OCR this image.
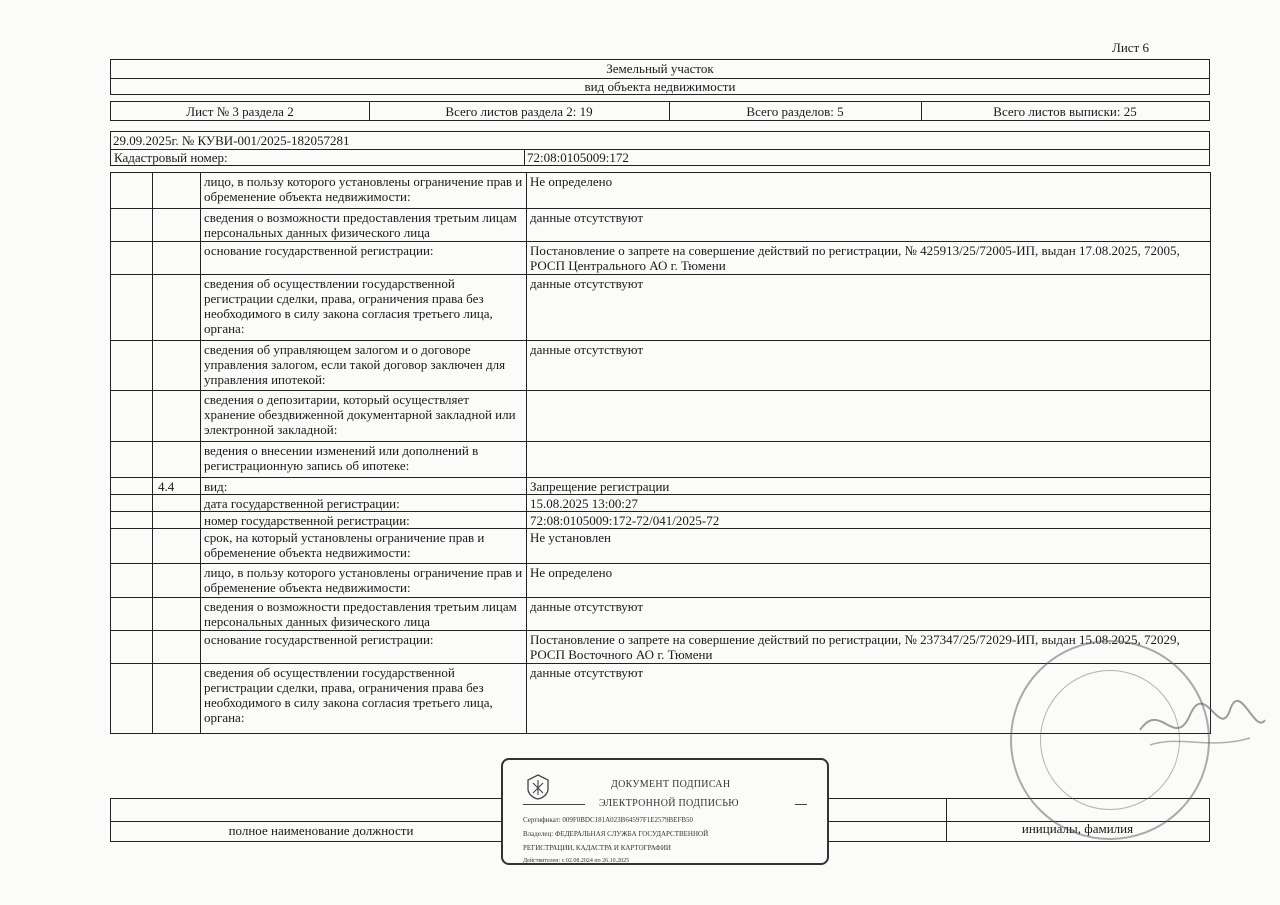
Лист 6
Земельный участок
вид объекта недвижимости
Лист № 3 раздела 2	Всего листов раздела 2: 19	Всего разделов: 5	Всего листов выписки: 25
29.09.2025г. № КУВИ-001/2025-182057281
Кадастровый номер:	72:08:0105009:172
		лицо, в пользу которого установлены ограничение прав и обременение объекта недвижимости:	Не определено
		сведения о возможности предоставления третьим лицам персональных данных физического лица	данные отсутствуют
		основание государственной регистрации:	Постановление о запрете на совершение действий по регистрации, № 425913/25/72005-ИП, выдан 17.08.2025, 72005, РОСП Центрального АО г. Тюмени
		сведения об осуществлении государственной регистрации сделки, права, ограничения права без необходимого в силу закона согласия третьего лица, органа:	данные отсутствуют
		сведения об управляющем залогом и о договоре управления залогом, если такой договор заключен для управления ипотекой:	данные отсутствуют
		сведения о депозитарии, который осуществляет хранение обездвиженной документарной закладной или электронной закладной:	
		ведения о внесении изменений или дополнений в регистрационную запись об ипотеке:	
	4.4	вид:	Запрещение регистрации
		дата государственной регистрации:	15.08.2025 13:00:27
		номер государственной регистрации:	72:08:0105009:172-72/041/2025-72
		срок, на который установлены ограничение прав и обременение объекта недвижимости:	Не установлен
		лицо, в пользу которого установлены ограничение прав и обременение объекта недвижимости:	Не определено
		сведения о возможности предоставления третьим лицам персональных данных физического лица	данные отсутствуют
		основание государственной регистрации:	Постановление о запрете на совершение действий по регистрации, № 237347/25/72029-ИП, выдан 15.08.2025, 72029, РОСП Восточного АО г. Тюмени
		сведения об осуществлении государственной регистрации сделки, права, ограничения права без необходимого в силу закона согласия третьего лица, органа:	данные отсутствуют
полное наименование должности	инициалы, фамилия
ДОКУМЕНТ ПОДПИСАН
ЭЛЕКТРОННОЙ ПОДПИСЬЮ
Сертификат: 009F0BDC181A023B64597F1E2579BEFB50
Владелец: ФЕДЕРАЛЬНАЯ СЛУЖБА ГОСУДАРСТВЕННОЙ
РЕГИСТРАЦИИ, КАДАСТРА И КАРТОГРАФИИ
Действителен: с 02.08.2024 по 26.10.2025
